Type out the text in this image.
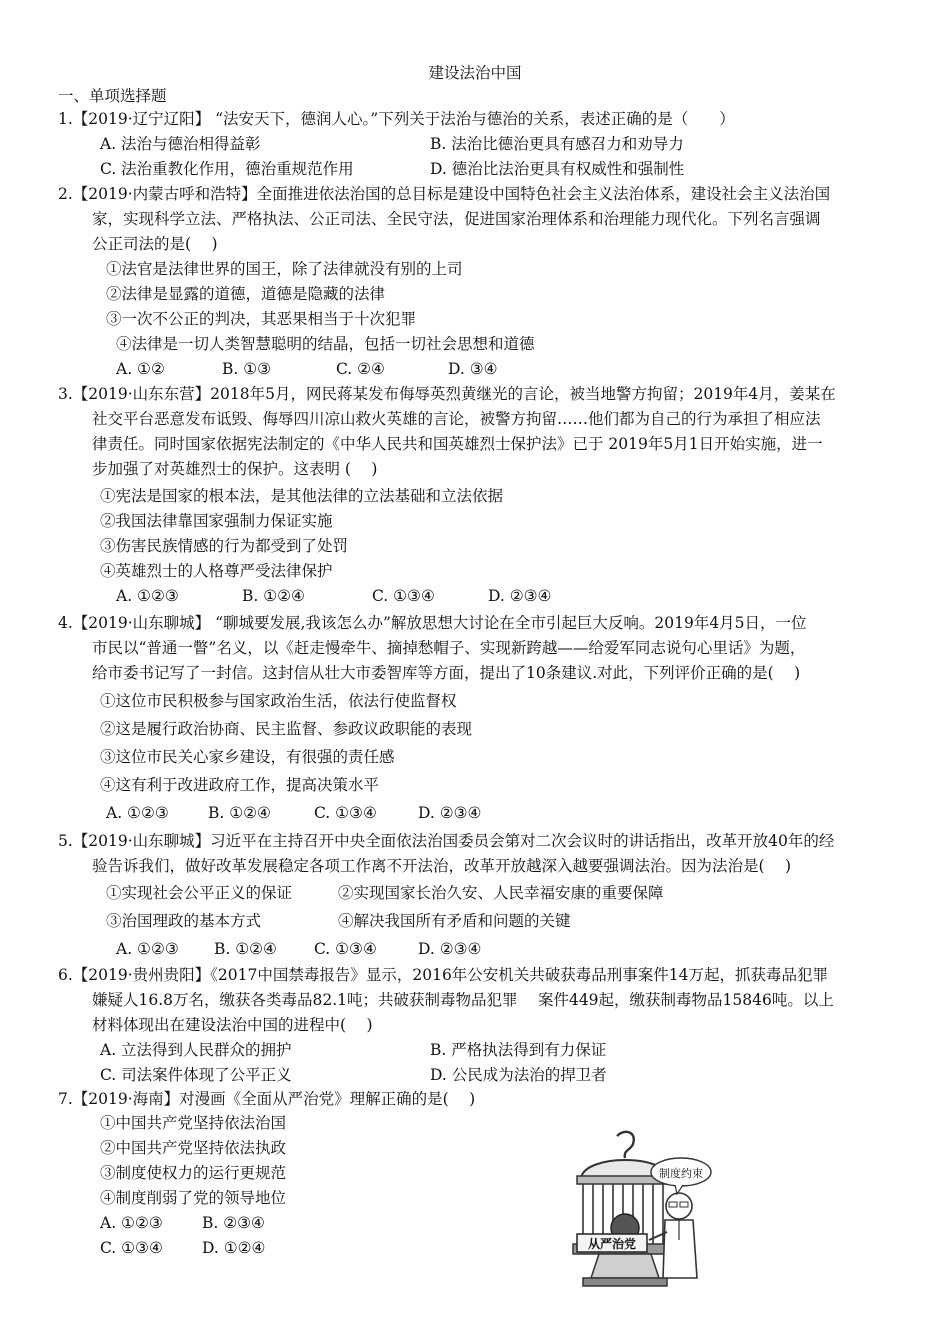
建设法治中国
一、单项选择题
1.【2019·辽宁辽阳】 “法安天下，德润人心。”下列关于法治与德治的关系，表述正确的是（　　）
A. 法治与德治相得益彰	B. 法治比德治更具有感召力和劝导力
C. 法治重教化作用，德治重规范作用	D. 德治比法治更具有权威性和强制性
2.【2019·内蒙古呼和浩特】全面推进依法治国的总目标是建设中国特色社会主义法治体系，建设社会主义法治国
家，实现科学立法、严格执法、公正司法、全民守法，促进国家治理体系和治理能力现代化。下列名言强调
公正司法的是(　 )
①法官是法律世界的国王，除了法律就没有别的上司
②法律是显露的道德，道德是隐藏的法律
③一次不公正的判决，其恶果相当于十次犯罪
④法律是一切人类智慧聪明的结晶，包括一切社会思想和道德
A. ①②	B. ①③	C. ②④	D. ③④
3.【2019·山东东营】2018年5月，网民蒋某发布侮辱英烈黄继光的言论，被当地警方拘留；2019年4月，姜某在
社交平台恶意发布诋毁、侮辱四川凉山救火英雄的言论，被警方拘留……他们都为自己的行为承担了相应法
律责任。同时国家依据宪法制定的《中华人民共和国英雄烈士保护法》已于 2019年5月1日开始实施，进一
步加强了对英雄烈士的保护。这表明 (　 )
①宪法是国家的根本法，是其他法律的立法基础和立法依据
②我国法律靠国家强制力保证实施
③伤害民族情感的行为都受到了处罚
④英雄烈士的人格尊严受法律保护
A. ①②③	B. ①②④	C. ①③④	D. ②③④
4.【2019·山东聊城】 “聊城要发展,我该怎么办”解放思想大讨论在全市引起巨大反响。2019年4月5日，一位
市民以“普通一瞥”名义，以《赶走慢牵牛、摘掉愁帽子、实现新跨越——给爱军同志说句心里话》为题，
给市委书记写了一封信。这封信从壮大市委智库等方面，提出了10条建议.对此，下列评价正确的是(　 )
①这位市民积极参与国家政治生活，依法行使监督权
②这是履行政治协商、民主监督、参政议政职能的表现
③这位市民关心家乡建设，有很强的责任感
④这有利于改进政府工作，提高决策水平
A. ①②③	B. ①②④	C. ①③④	D. ②③④
5.【2019·山东聊城】习近平在主持召开中央全面依法治国委员会第对二次会议时的讲话指出，改革开放40年的经
验告诉我们，做好改革发展稳定各项工作离不开法治，改革开放越深入越要强调法治。因为法治是(　 )
①实现社会公平正义的保证	②实现国家长治久安、人民幸福安康的重要保障
③治国理政的基本方式	④解决我国所有矛盾和问题的关键
A. ①②③ B. ①②④ C. ①③④	D. ②③④
6.【2019·贵州贵阳】《2017中国禁毒报告》显示，2016年公安机关共破获毒品刑事案件14万起，抓获毒品犯罪
嫌疑人16.8万名，缴获各类毒品82.1吨；共破获制毒物品犯罪　 案件449起，缴获制毒物品15846吨。以上
材料体现出在建设法治中国的进程中(　 )
A. 立法得到人民群众的拥护	B. 严格执法得到有力保证
C. 司法案件体现了公平正义	D. 公民成为法治的捍卫者
7.【2019·海南】对漫画《全面从严治党》理解正确的是(　 )
①中国共产党坚持依法治国
②中国共产党坚持依法执政
③制度使权力的运行更规范
④制度削弱了党的领导地位
A. ①②③	B. ②③④
C. ①③④	D. ①②④	从严治党
制度约束
